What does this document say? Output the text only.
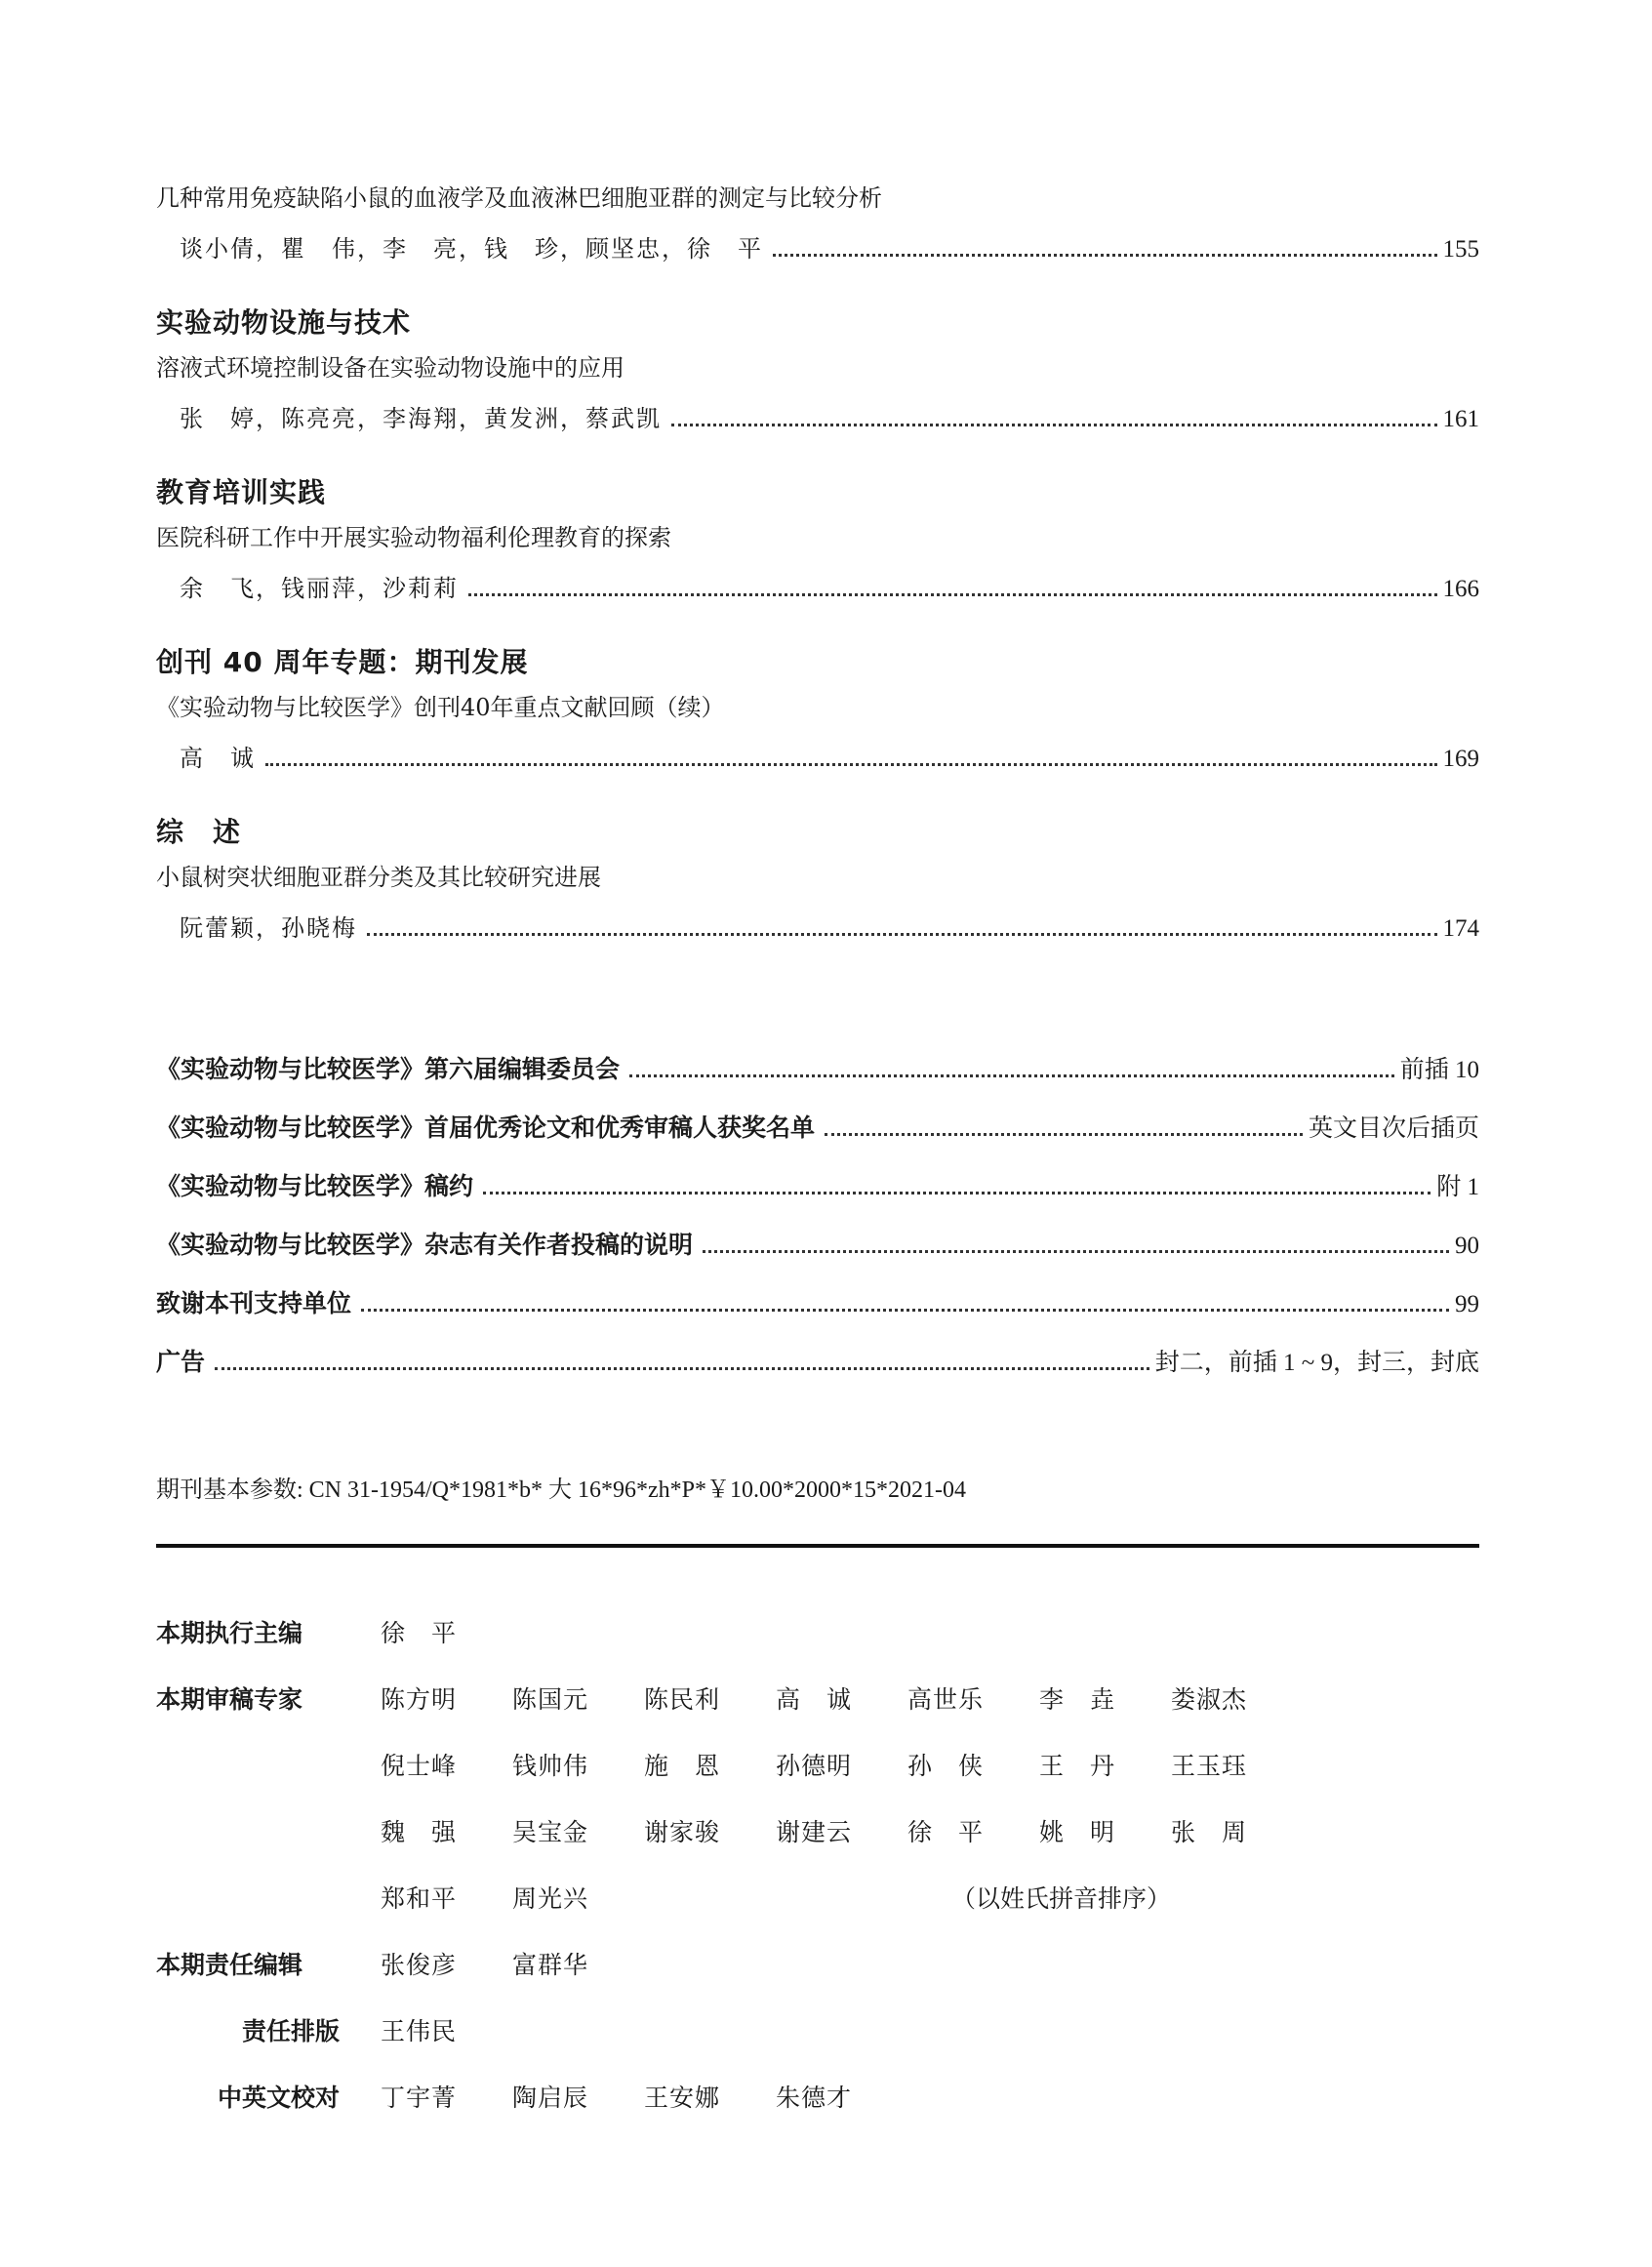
几种常用免疫缺陷小鼠的血液学及血液淋巴细胞亚群的测定与比较分析
谈小倩，瞿　伟，李　亮，钱　珍，顾坚忠，徐　平	155
实验动物设施与技术
溶液式环境控制设备在实验动物设施中的应用
张　婷，陈亮亮，李海翔，黄发洲，蔡武凯	161
教育培训实践
医院科研工作中开展实验动物福利伦理教育的探索
余　飞，钱丽萍，沙莉莉	166
创刊 40 周年专题：期刊发展
《实验动物与比较医学》创刊40年重点文献回顾（续）
高　诚	169
综　述
小鼠树突状细胞亚群分类及其比较研究进展
阮蕾颖，孙晓梅	174
《实验动物与比较医学》第六届编辑委员会	前插 10
《实验动物与比较医学》首届优秀论文和优秀审稿人获奖名单	英文目次后插页
《实验动物与比较医学》稿约	附 1
《实验动物与比较医学》杂志有关作者投稿的说明	90
致谢本刊支持单位	99
广告	封二，前插 1 ~ 9，封三，封底
期刊基本参数: CN 31-1954/Q*1981*b* 大 16*96*zh*P*￥10.00*2000*15*2021-04
本期执行主编	徐　平
本期审稿专家	陈方明	陈国元	陈民利	高　诚	高世乐	李　垚	娄淑杰
倪士峰	钱帅伟	施　恩	孙德明	孙　侠	王　丹	王玉珏
魏　强	吴宝金	谢家骏	谢建云	徐　平	姚　明	张　周
郑和平	周光兴	（以姓氏拼音排序）
本期责任编辑	张俊彦	富群华
责任排版	王伟民
中英文校对	丁宇菁	陶启辰	王安娜	朱德才
